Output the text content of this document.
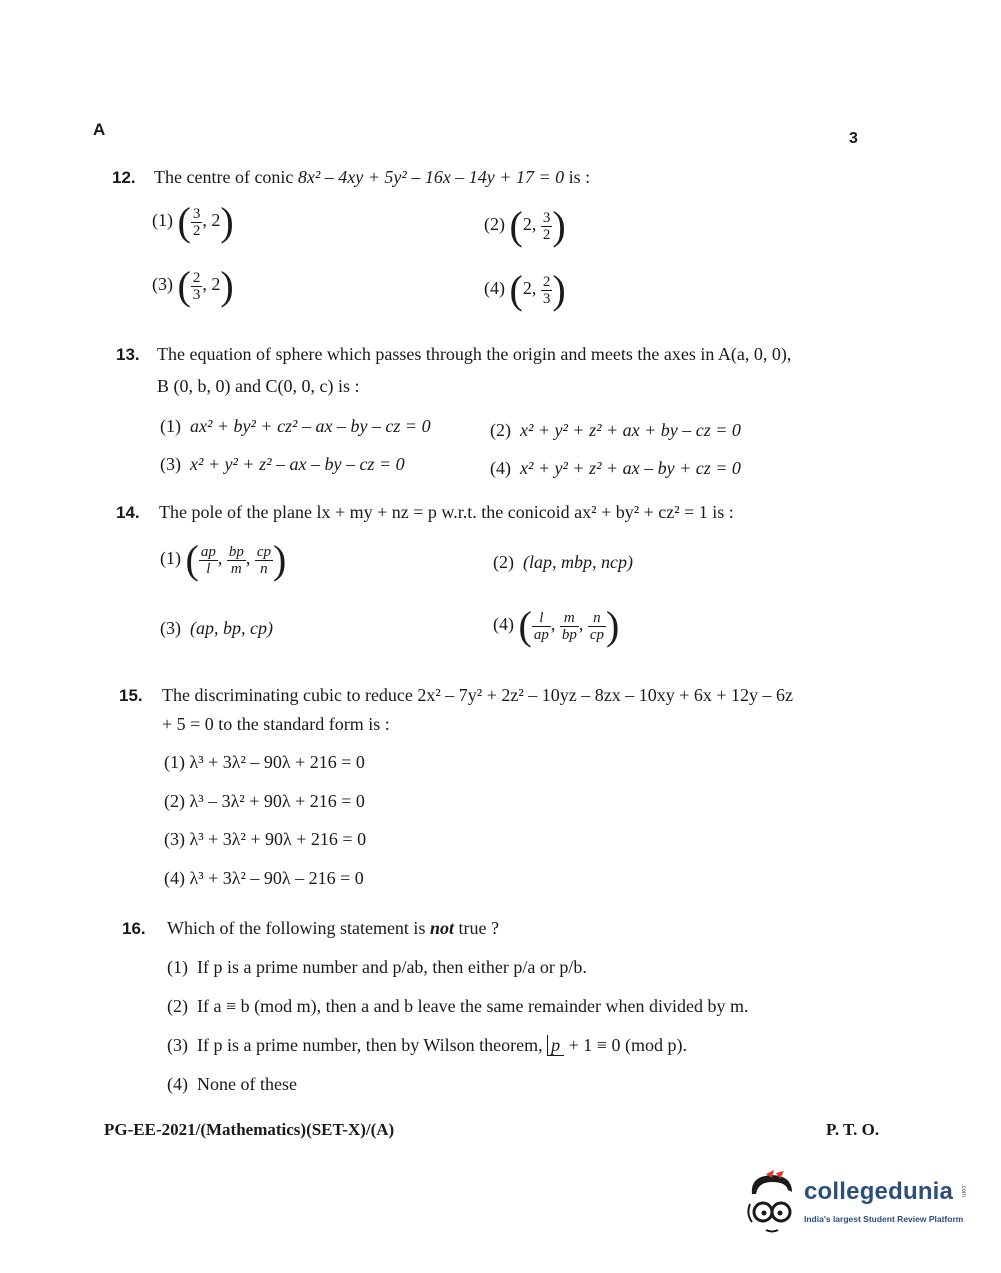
A	3
12. The centre of conic 8x² – 4xy + 5y² – 16x – 14y + 17 = 0 is :
(1) ( $\frac{3}{2}$ , 2)	(2) (2, $\frac{3}{2}$ )
(3) ( $\frac{2}{3}$ , 2)	(4) (2, $\frac{2}{3}$ )
13. The equation of sphere which passes through the origin and meets the axes in A(a, 0, 0),
B (0, b, 0) and C(0, 0, c) is :
(1) ax² + by² + cz² – ax – by – cz = 0	(2) x² + y² + z² + ax + by – cz = 0
(3) x² + y² + z² – ax – by – cz = 0	(4) x² + y² + z² + ax – by + cz = 0
14. The pole of the plane lx + my + nz = p w.r.t. the conicoid ax² + by² + cz² = 1 is :
(1) ( $\frac{ap}{l}$ , $\frac{bp}{m}$ , $\frac{cp}{n}$ )	(2) (lap, mbp, ncp)
(3) (ap, bp, cp)	(4) ( $\frac{l}{ap}$ , $\frac{m}{bp}$ , $\frac{n}{cp}$ )
15. The discriminating cubic to reduce 2x² – 7y² + 2z² – 10yz – 8zx – 10xy + 6x + 12y – 6z
+ 5 = 0 to the standard form is :
(1) λ³ + 3λ² – 90λ + 216 = 0
(2) λ³ – 3λ² + 90λ + 216 = 0
(3) λ³ + 3λ² + 90λ + 216 = 0
(4) λ³ + 3λ² – 90λ – 216 = 0
16. Which of the following statement is not true ?
(1) If p is a prime number and p/ab, then either p/a or p/b.
(2) If a ≡ b (mod m), then a and b leave the same remainder when divided by m.
(3) If p is a prime number, then by Wilson theorem, p + 1 ≡ 0 (mod p).
(4) None of these
PG-EE-2021/(Mathematics)(SET-X)/(A)	P. T. O.
collegedunia .com
India's largest Student Review Platform
